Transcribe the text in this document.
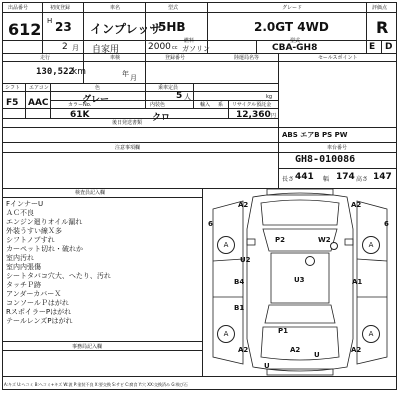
出品番号
612
初度登録
H 23
2 月
車名
インプレッサ
自家用
型式
5HB
2000 cc
燃料
ガソリン
グレード
2.0GT 4WD
型式
CBA-GH8
評価点
R
E D
走行
130,522
km
車検
年 月
登録番号	陸運局名等	セールスポイント
シフト
F5
エアコン
AAC
色
グレー
乗車定員
5 人	kg
カラーNo.
61K
内装色
クロ
輸入 系 リサイクル預託金
12,360 円
後日発送書類
ABS エアB PS PW
注意事項欄	車台番号
GH8-010086
長さ 441 幅 174 高さ 147
検査員記入欄
FインナーU
ＡＣ不良
エンジン廻りオイル漏れ
外装うすい線Ｘ多
シフトノブすれ
カーペット切れ・破れか
室内汚れ
室内内張傷
シートタバコ穴大、へたり、汚れ
タッチＰ跡
アンダーカバーＸ
コンソールＰはがれ
RスポイラーPはがれ
テールレンズPはがれ
事務局記入欄
A:キズ U:ヘコミ B:ヘコミ+キズ W:波 P:塗装不良 X:要交換 S:サビ C:腐食 Y:穴 XX:交換済み G:飛び石
A	A
A	A
A2	A2
6	6
P2	W2
U2
U3
B4	A1
B1
P1
A2	A2
A2
U
U
